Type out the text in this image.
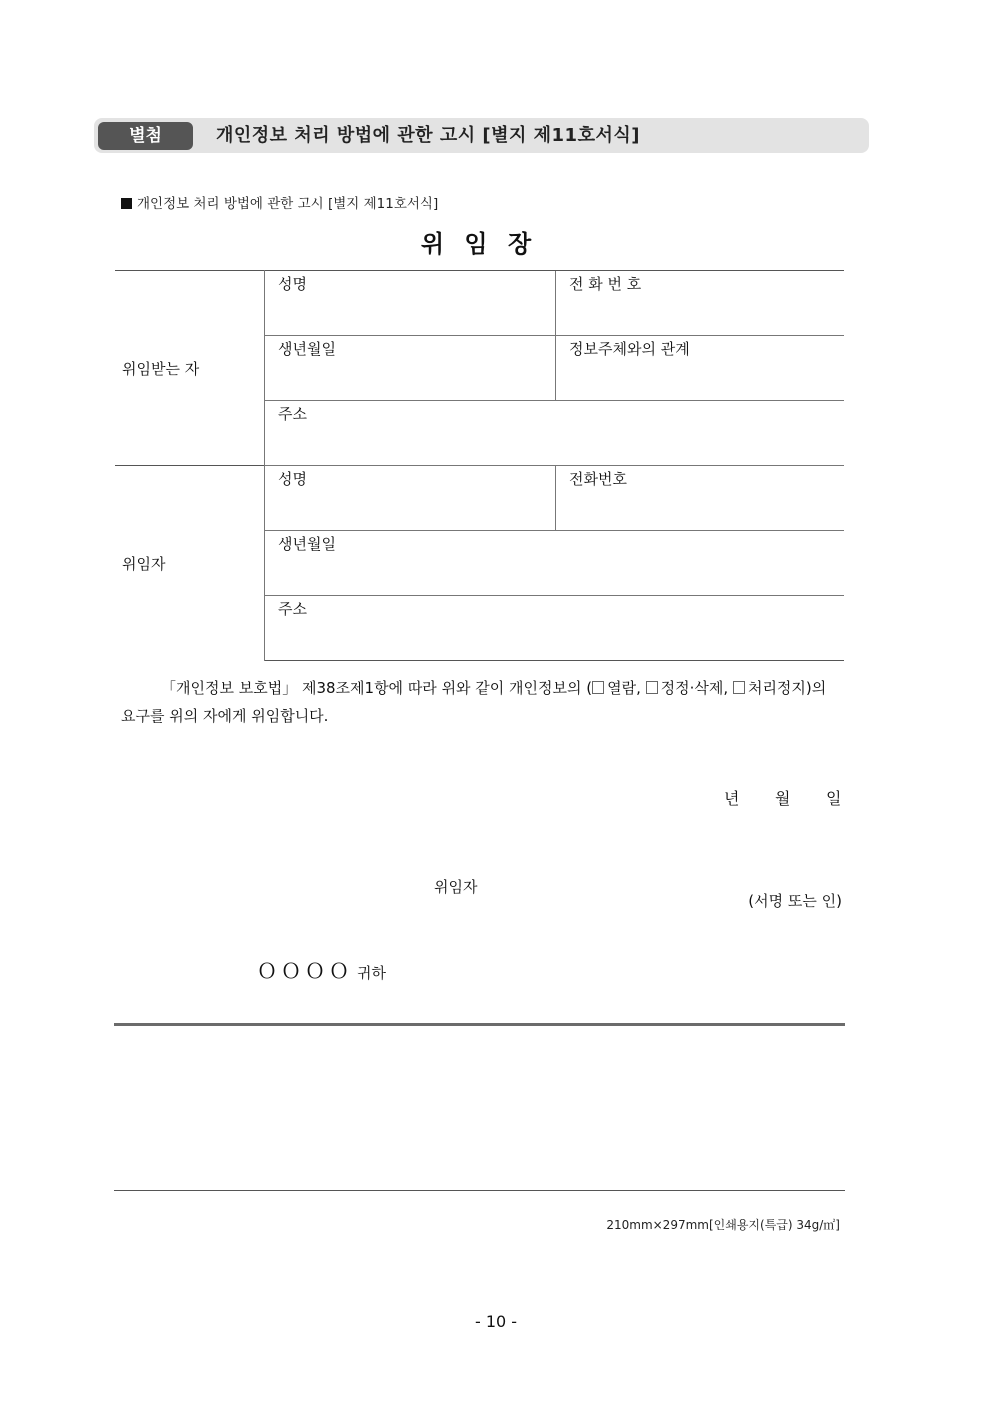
별첨	개인정보 처리 방법에 관한 고시 [별지 제11호서식]
개인정보 처리 방법에 관한 고시 [별지 제11호서식]
위 임 장
위임받는 자	성명	전 화 번 호
	생년월일	정보주체와의 관계
	주소	
위임자	성명	전화번호
	생년월일	
	주소	
「개인정보 보호법」 제38조제1항에 따라 위와 같이 개인정보의 ( 열람, 정정·삭제, 처리정지)의
요구를 위의 자에게 위임합니다.
년 월 일
위임자
(서명 또는 인)
ＯＯＯＯ 귀하
210mm×297mm[인쇄용지(특급) 34g/㎡]
- 10 -
